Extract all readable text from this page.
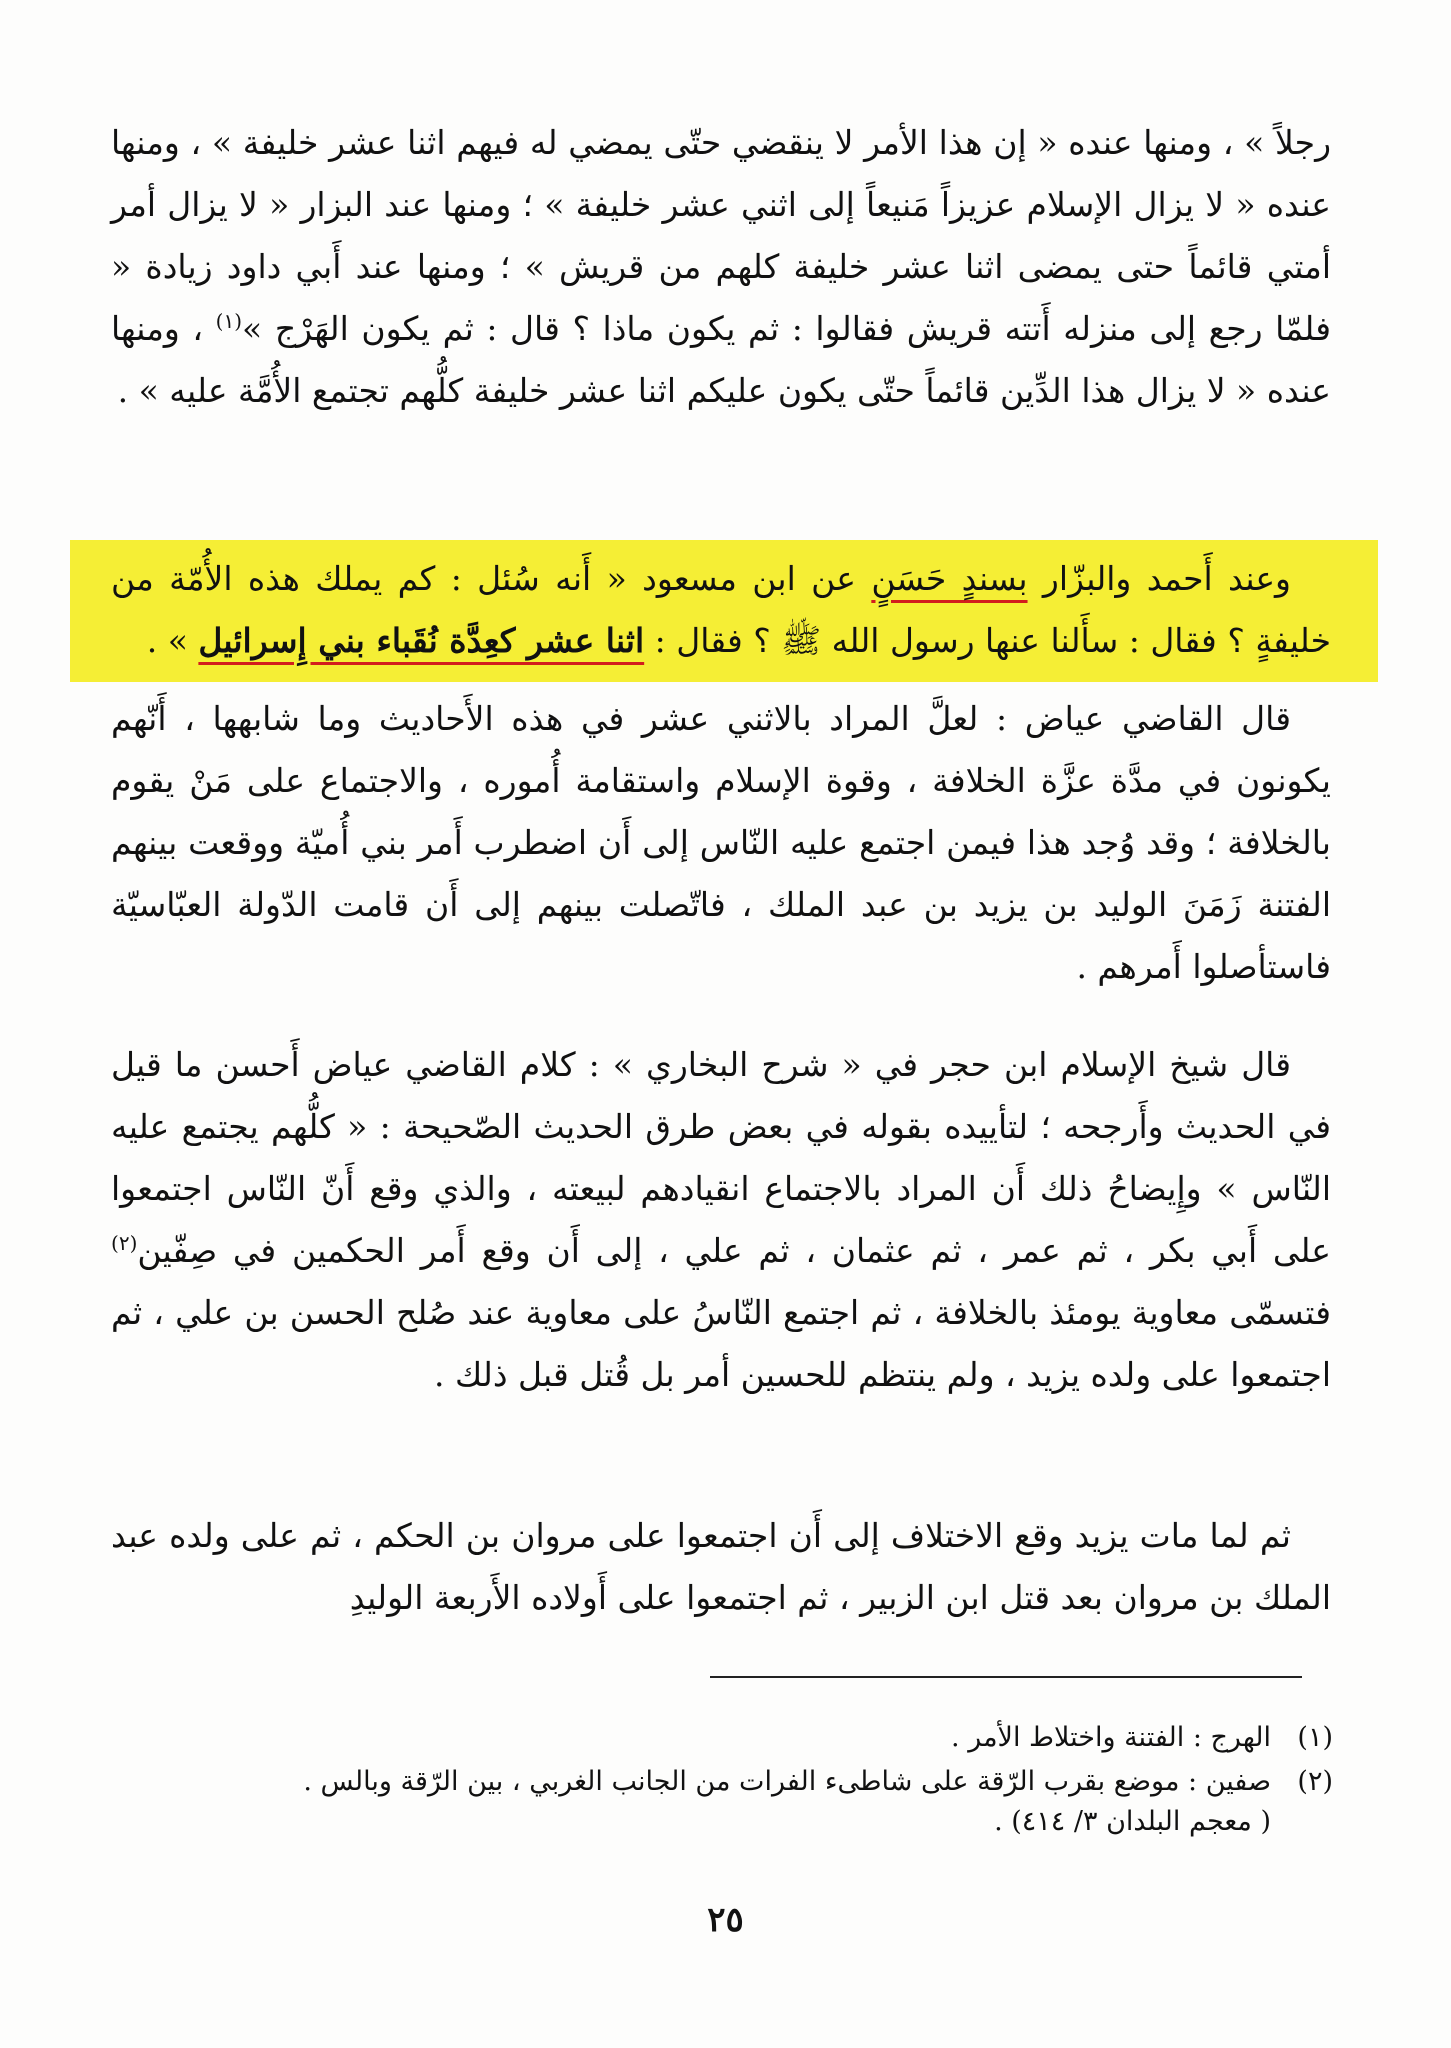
رجلاً » ، ومنها عنده « إن هذا الأمر لا ينقضي حتّى يمضي له فيهم اثنا عشر خليفة » ، ومنها عنده « لا يزال الإسلام عزيزاً مَنيعاً إلى اثني عشر خليفة » ؛ ومنها عند البزار « لا يزال أمر أمتي قائماً حتى يمضى اثنا عشر خليفة كلهم من قريش » ؛ ومنها عند أَبي داود زيادة « فلمّا رجع إلى منزله أَتته قريش فقالوا : ثم يكون ماذا ؟ قال : ثم يكون الهَرْج »$^{(١)}$ ، ومنها عنده « لا يزال هذا الدِّين قائماً حتّى يكون عليكم اثنا عشر خليفة كلُّهم تجتمع الأُمَّة عليه » .

وعند أَحمد والبزّار بسندٍ حَسَنٍ عن ابن مسعود « أَنه سُئل : كم يملك هذه الأُمّة من خليفةٍ ؟ فقال : سأَلنا عنها رسول الله ﷺ ؟ فقال : اثنا عشر كعِدَّة نُقَباء بني إِسرائيل » .

قال القاضي عياض : لعلَّ المراد بالاثني عشر في هذه الأَحاديث وما شابهها ، أَنّهم يكونون في مدَّة عزَّة الخلافة ، وقوة الإسلام واستقامة أُموره ، والاجتماع على مَنْ يقوم بالخلافة ؛ وقد وُجد هذا فيمن اجتمع عليه النّاس إلى أَن اضطرب أَمر بني أُميّة ووقعت بينهم الفتنة زَمَنَ الوليد بن يزيد بن عبد الملك ، فاتّصلت بينهم إلى أَن قامت الدّولة العبّاسيّة فاستأصلوا أَمرهم .

قال شيخ الإسلام ابن حجر في « شرح البخاري » : كلام القاضي عياض أَحسن ما قيل في الحديث وأَرجحه ؛ لتأييده بقوله في بعض طرق الحديث الصّحيحة : « كلُّهم يجتمع عليه النّاس » وإِيضاحُ ذلك أَن المراد بالاجتماع انقيادهم لبيعته ، والذي وقع أَنّ النّاس اجتمعوا على أَبي بكر ، ثم عمر ، ثم عثمان ، ثم علي ، إلى أَن وقع أَمر الحكمين في صِفّين$^{(٢)}$ فتسمّى معاوية يومئذ بالخلافة ، ثم اجتمع النّاسُ على معاوية عند صُلح الحسن بن علي ، ثم اجتمعوا على ولده يزيد ، ولم ينتظم للحسين أمر بل قُتل قبل ذلك .

ثم لما مات يزيد وقع الاختلاف إلى أَن اجتمعوا على مروان بن الحكم ، ثم على ولده عبد الملك بن مروان بعد قتل ابن الزبير ، ثم اجتمعوا على أَولاده الأَربعة الوليدِ

(١)
الهرج : الفتنة واختلاط الأمر .
(٢)
صفين : موضع بقرب الرّقة على شاطىء الفرات من الجانب الغربي ، بين الرّقة وبالس .
( معجم البلدان ٣/ ٤١٤) .
٢٥
